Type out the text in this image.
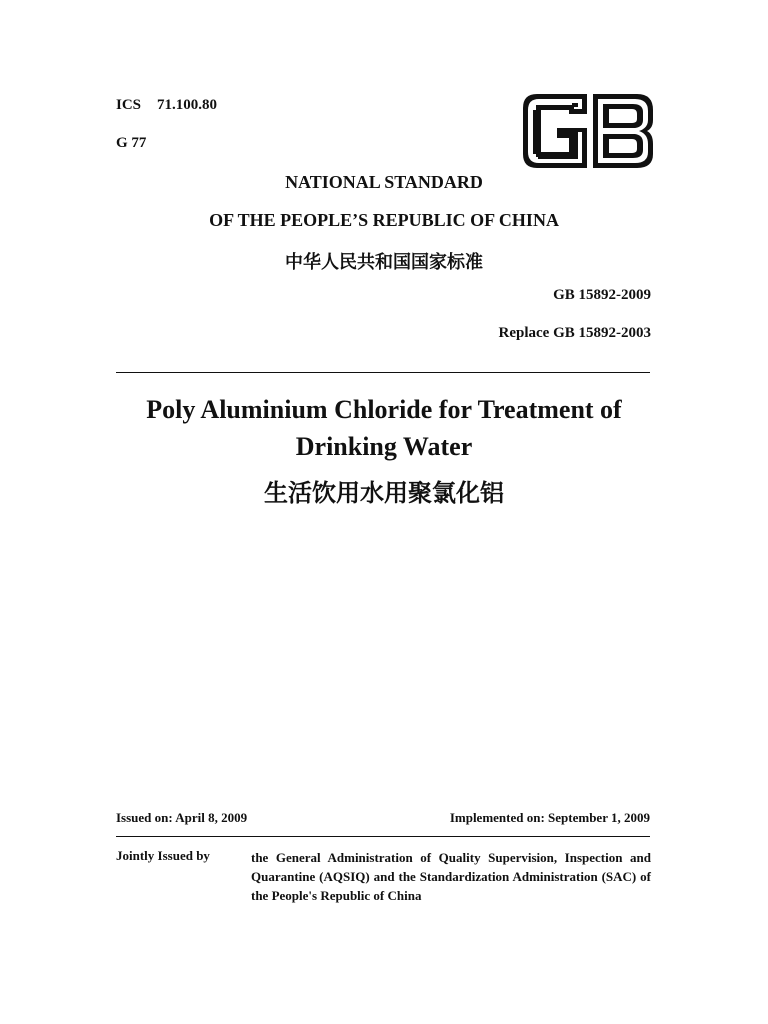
ICS 71.100.80
G 77
NATIONAL STANDARD
OF THE PEOPLE’S REPUBLIC OF CHINA
中华人民共和国国家标准
GB 15892-2009
Replace GB 15892-2003
Poly Aluminium Chloride for Treatment of
Drinking Water
生活饮用水用聚氯化铝
Issued on: April 8, 2009	Implemented on: September 1, 2009
Jointly Issued by	the General Administration of Quality Supervision, Inspection and Quarantine (AQSIQ) and the Standardization Administration (SAC) of the People's Republic of China
